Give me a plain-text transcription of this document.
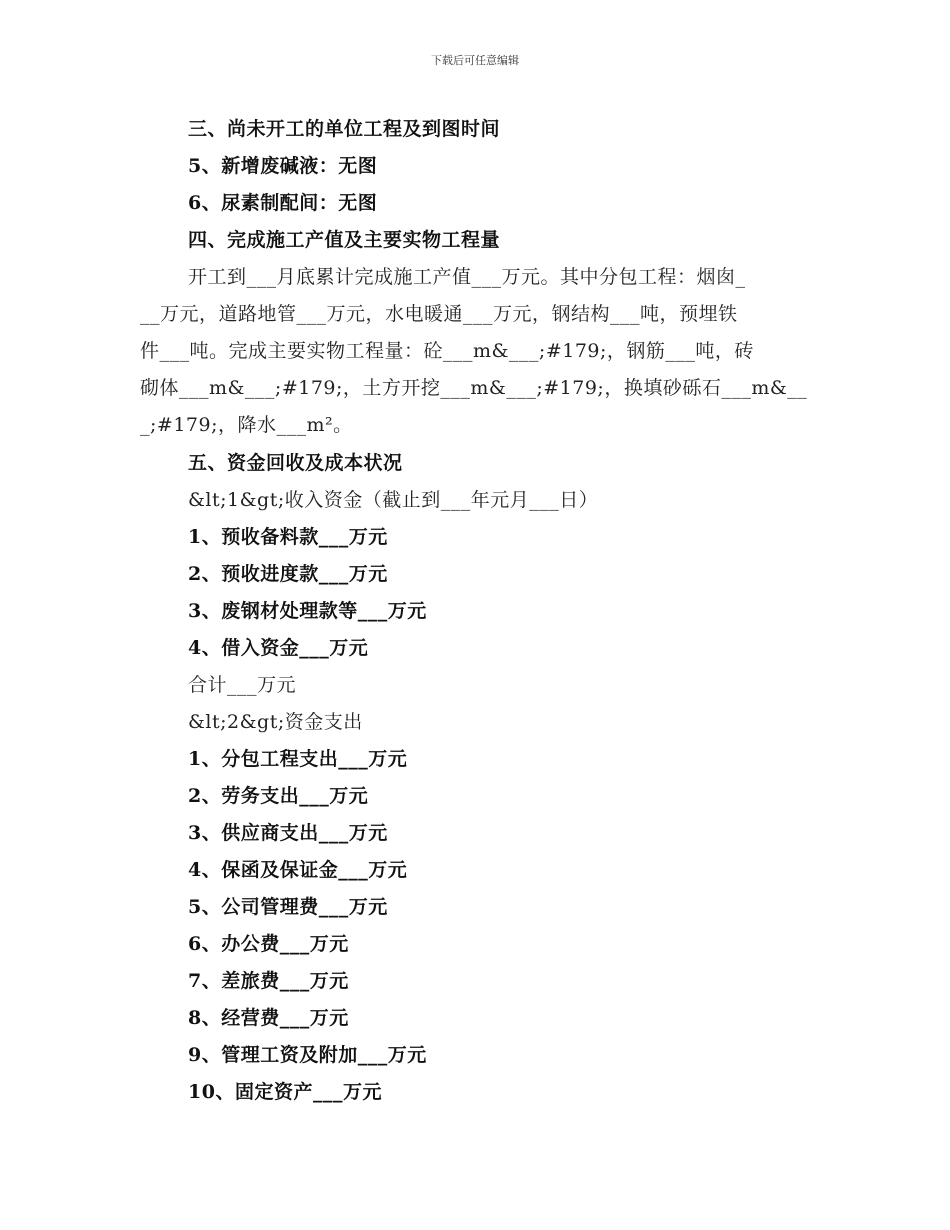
下载后可任意编辑
三、尚未开工的单位工程及到图时间
5、新增废碱液：无图
6、尿素制配间：无图
四、完成施工产值及主要实物工程量
开工到___月底累计完成施工产值___万元。其中分包工程：烟囱_
__万元，道路地管___万元，水电暖通___万元，钢结构___吨，预埋铁
件___吨。完成主要实物工程量：砼___m&___;#179;，钢筋___吨，砖
砌体___m&___;#179;，土方开挖___m&___;#179;，换填砂砾石___m&__
_;#179;，降水___m²。
五、资金回收及成本状况
&lt;1&gt;收入资金（截止到___年元月___日）
1、预收备料款___万元
2、预收进度款___万元
3、废钢材处理款等___万元
4、借入资金___万元
合计___万元
&lt;2&gt;资金支出
1、分包工程支出___万元
2、劳务支出___万元
3、供应商支出___万元
4、保函及保证金___万元
5、公司管理费___万元
6、办公费___万元
7、差旅费___万元
8、经营费___万元
9、管理工资及附加___万元
10、固定资产___万元
